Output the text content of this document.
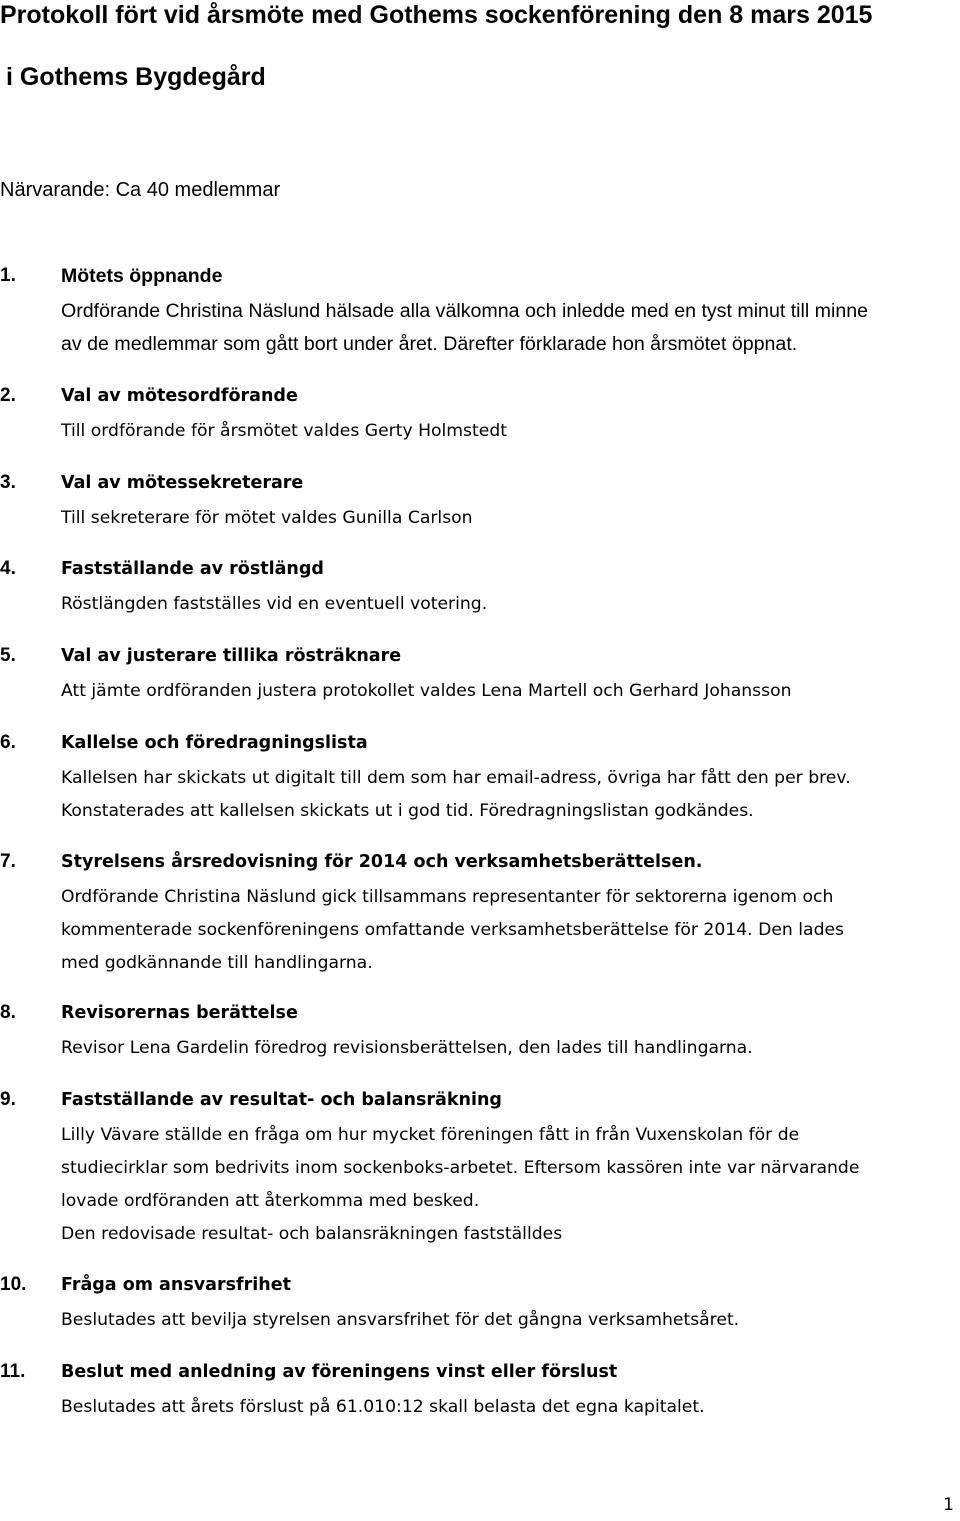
Protokoll fört vid årsmöte med Gothems sockenförening den 8 mars 2015
i Gothems Bygdegård
Närvarande: Ca 40 medlemmar
1. Mötets öppnande
Ordförande Christina Näslund hälsade alla välkomna och inledde med en tyst minut till minne
av de medlemmar som gått bort under året. Därefter förklarade hon årsmötet öppnat.
2.	Val av mötesordförande
Till ordförande för årsmötet valdes Gerty Holmstedt
3.	Val av mötessekreterare
Till sekreterare för mötet valdes Gunilla Carlson
4.	Fastställande av röstlängd
Röstlängden fastställes vid en eventuell votering.
5.	Val av justerare tillika rösträknare
Att jämte ordföranden justera protokollet valdes Lena Martell och Gerhard Johansson
6.	Kallelse och föredragningslista
Kallelsen har skickats ut digitalt till dem som har email-adress, övriga har fått den per brev.
Konstaterades att kallelsen skickats ut i god tid. Föredragningslistan godkändes.
7.	Styrelsens årsredovisning för 2014 och verksamhetsberättelsen.
Ordförande Christina Näslund gick tillsammans representanter för sektorerna igenom och
kommenterade sockenföreningens omfattande verksamhetsberättelse för 2014. Den lades
med godkännande till handlingarna.
8.	Revisorernas berättelse
Revisor Lena Gardelin föredrog revisionsberättelsen, den lades till handlingarna.
9.	Fastställande av resultat- och balansräkning
Lilly Vävare ställde en fråga om hur mycket föreningen fått in från Vuxenskolan för de
studiecirklar som bedrivits inom sockenboks-arbetet. Eftersom kassören inte var närvarande
lovade ordföranden att återkomma med besked.
Den redovisade resultat- och balansräkningen fastställdes
10. Fråga om ansvarsfrihet
Beslutades att bevilja styrelsen ansvarsfrihet för det gångna verksamhetsåret.
11. Beslut med anledning av föreningens vinst eller förslust
Beslutades att årets förslust på 61.010:12 skall belasta det egna kapitalet.
1
